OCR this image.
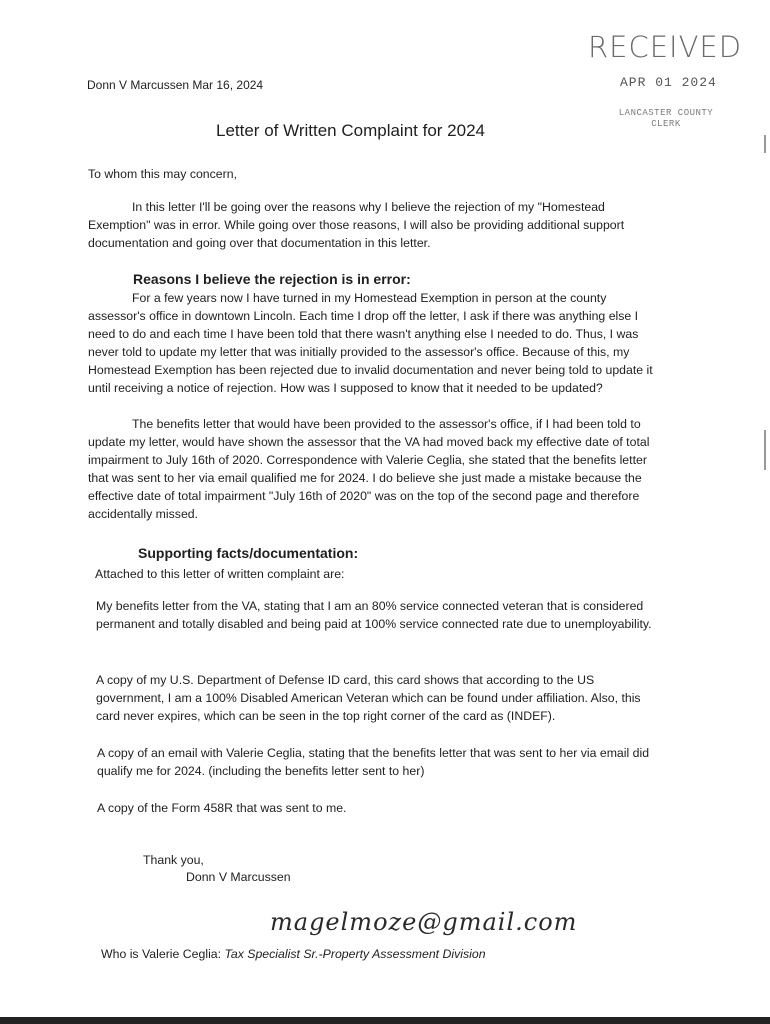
RECEIVED
APR 01 2024
LANCASTER COUNTY
CLERK
Donn V Marcussen Mar 16, 2024
Letter of Written Complaint for 2024
To whom this may concern,
In this letter I'll be going over the reasons why I believe the rejection of my "Homestead Exemption" was in error. While going over those reasons, I will also be providing additional support documentation and going over that documentation in this letter.
Reasons I believe the rejection is in error:
For a few years now I have turned in my Homestead Exemption in person at the county assessor's office in downtown Lincoln. Each time I drop off the letter, I ask if there was anything else I need to do and each time I have been told that there wasn't anything else I needed to do. Thus, I was never told to update my letter that was initially provided to the assessor's office. Because of this, my Homestead Exemption has been rejected due to invalid documentation and never being told to update it until receiving a notice of rejection. How was I supposed to know that it needed to be updated?
The benefits letter that would have been provided to the assessor's office, if I had been told to update my letter, would have shown the assessor that the VA had moved back my effective date of total impairment to July 16th of 2020. Correspondence with Valerie Ceglia, she stated that the benefits letter that was sent to her via email qualified me for 2024. I do believe she just made a mistake because the effective date of total impairment "July 16th of 2020" was on the top of the second page and therefore accidentally missed.
Supporting facts/documentation:
Attached to this letter of written complaint are:
My benefits letter from the VA, stating that I am an 80% service connected veteran that is considered permanent and totally disabled and being paid at 100% service connected rate due to unemployability.
A copy of my U.S. Department of Defense ID card, this card shows that according to the US government, I am a 100% Disabled American Veteran which can be found under affiliation. Also, this card never expires, which can be seen in the top right corner of the card as (INDEF).
A copy of an email with Valerie Ceglia, stating that the benefits letter that was sent to her via email did qualify me for 2024. (including the benefits letter sent to her)
A copy of the Form 458R that was sent to me.
Thank you,
Donn V Marcussen
magelmoze@gmail.com
Who is Valerie Ceglia: Tax Specialist Sr.-Property Assessment Division
